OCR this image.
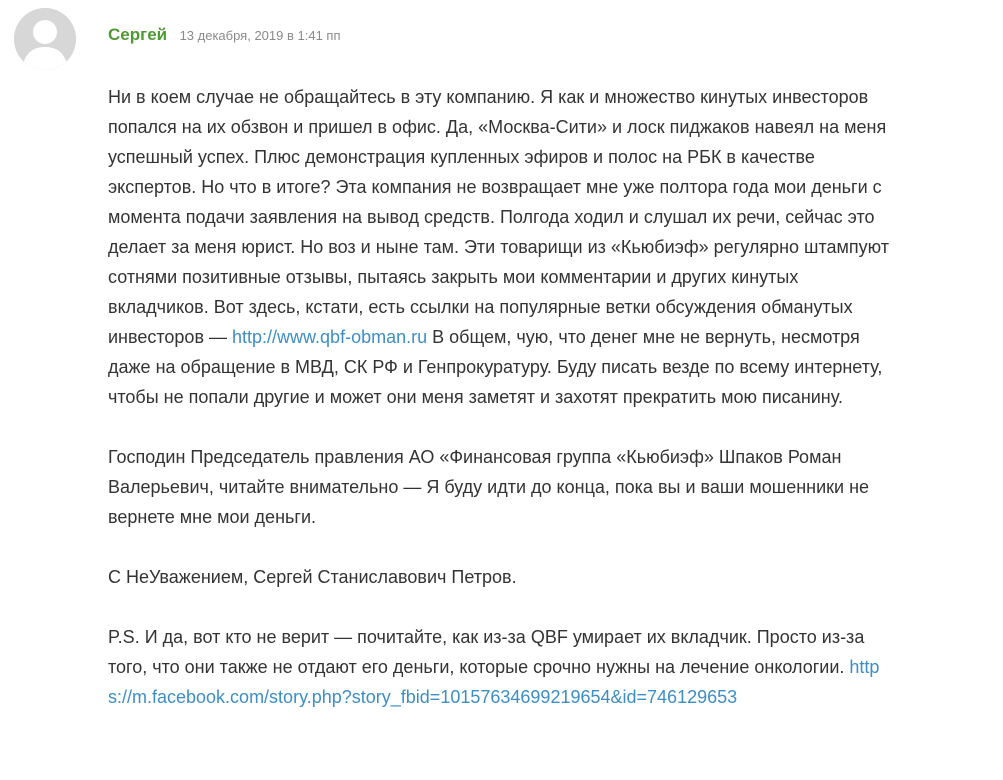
Сергей 13 декабря, 2019 в 1:41 пп

Ни в коем случае не обращайтесь в эту компанию. Я как и множество кинутых инвесторов попался на их обзвон и пришел в офис. Да, «Москва-Сити» и лоск пиджаков навеял на меня успешный успех. Плюс демонстрация купленных эфиров и полос на РБК в качестве экспертов. Но что в итоге? Эта компания не возвращает мне уже полтора года мои деньги с момента подачи заявления на вывод средств. Полгода ходил и слушал их речи, сейчас это делает за меня юрист. Но воз и ныне там. Эти товарищи из «Кьюбиэф» регулярно штампуют сотнями позитивные отзывы, пытаясь закрыть мои комментарии и других кинутых вкладчиков. Вот здесь, кстати, есть ссылки на популярные ветки обсуждения обманутых инвесторов — http://www.qbf-obman.ru В общем, чую, что денег мне не вернуть, несмотря даже на обращение в МВД, СК РФ и Генпрокуратуру. Буду писать везде по всему интернету, чтобы не попали другие и может они меня заметят и захотят прекратить мою писанину.

Господин Председатель правления АО «Финансовая группа «Кьюбиэф» Шпаков Роман Валерьевич, читайте внимательно — Я буду идти до конца, пока вы и ваши мошенники не вернете мне мои деньги.

С НеУважением, Сергей Станиславович Петров.

P.S. И да, вот кто не верит — почитайте, как из-за QBF умирает их вкладчик. Просто из-за того, что они также не отдают его деньги, которые срочно нужны на лечение онкологии. https://m.facebook.com/story.php?story_fbid=10157634699219654&id=746129653
